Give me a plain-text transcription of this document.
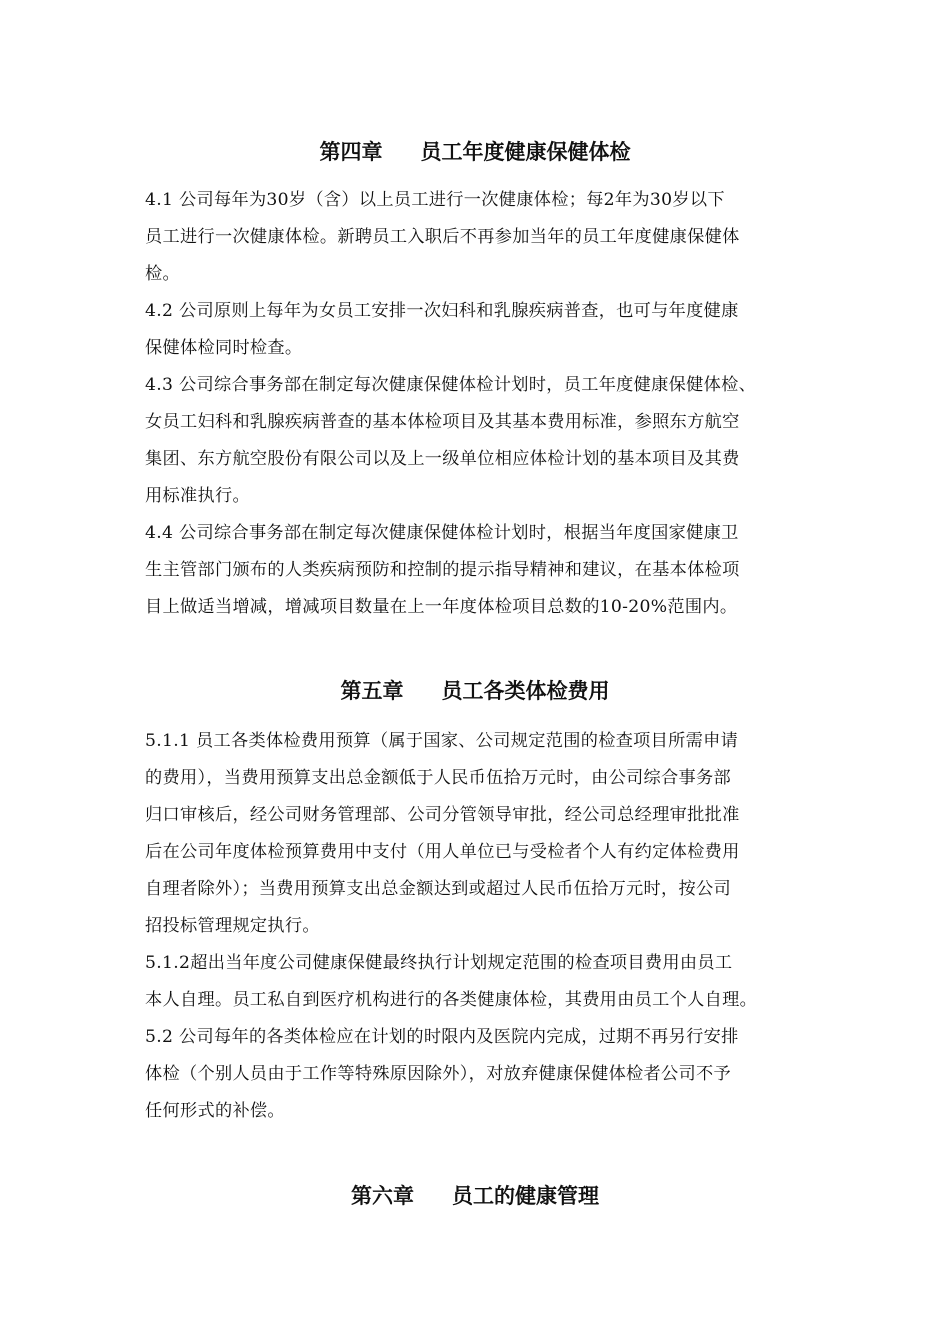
第四章 员工年度健康保健体检
4.1 公司每年为30岁（含）以上员工进行一次健康体检；每2年为30岁以下
员工进行一次健康体检。新聘员工入职后不再参加当年的员工年度健康保健体
检。
4.2 公司原则上每年为女员工安排一次妇科和乳腺疾病普查，也可与年度健康
保健体检同时检查。
4.3 公司综合事务部在制定每次健康保健体检计划时，员工年度健康保健体检、
女员工妇科和乳腺疾病普查的基本体检项目及其基本费用标准，参照东方航空
集团、东方航空股份有限公司以及上一级单位相应体检计划的基本项目及其费
用标准执行。
4.4 公司综合事务部在制定每次健康保健体检计划时，根据当年度国家健康卫
生主管部门颁布的人类疾病预防和控制的提示指导精神和建议，在基本体检项
目上做适当增减，增减项目数量在上一年度体检项目总数的10-20%范围内。
第五章 员工各类体检费用
5.1.1 员工各类体检费用预算（属于国家、公司规定范围的检查项目所需申请
的费用），当费用预算支出总金额低于人民币伍拾万元时，由公司综合事务部
归口审核后，经公司财务管理部、公司分管领导审批，经公司总经理审批批准
后在公司年度体检预算费用中支付（用人单位已与受检者个人有约定体检费用
自理者除外）；当费用预算支出总金额达到或超过人民币伍拾万元时，按公司
招投标管理规定执行。
5.1.2超出当年度公司健康保健最终执行计划规定范围的检查项目费用由员工
本人自理。员工私自到医疗机构进行的各类健康体检，其费用由员工个人自理。
5.2 公司每年的各类体检应在计划的时限内及医院内完成，过期不再另行安排
体检（个别人员由于工作等特殊原因除外），对放弃健康保健体检者公司不予
任何形式的补偿。
第六章 员工的健康管理
